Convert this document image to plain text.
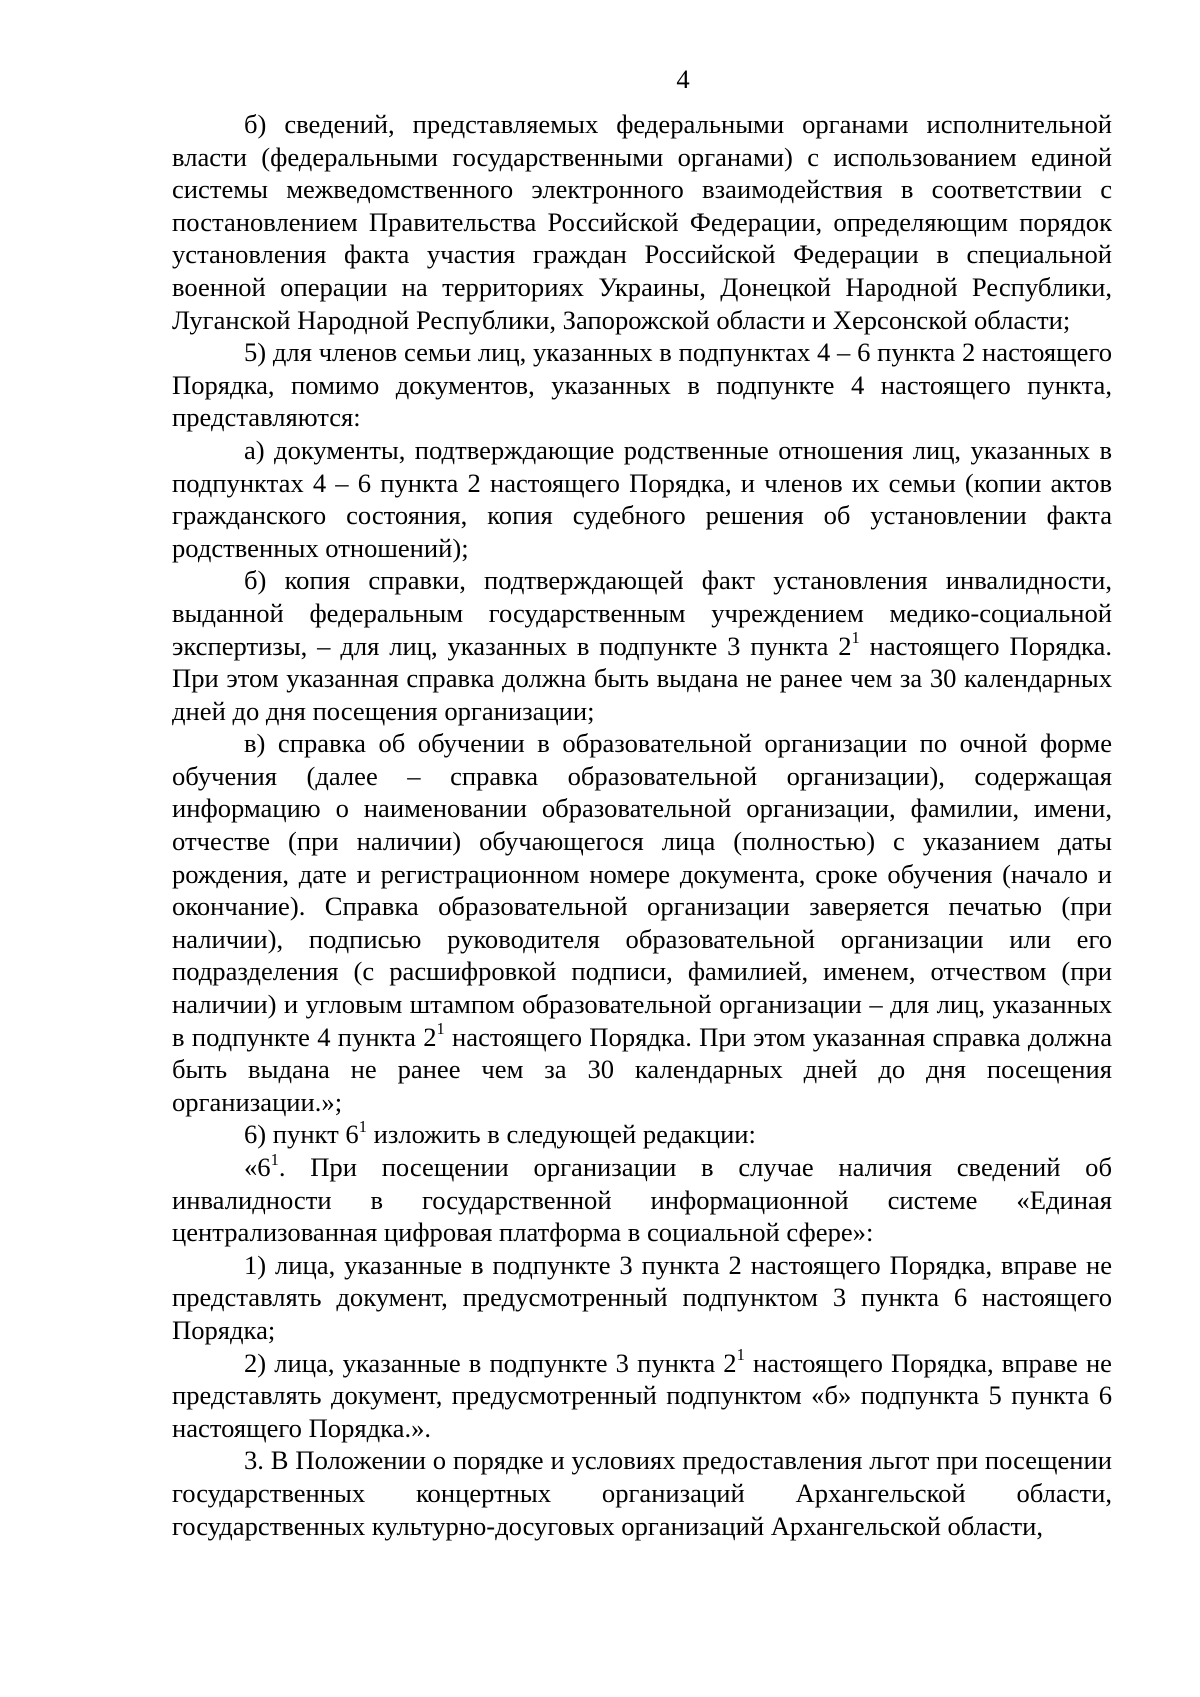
4

б) сведений, представляемых федеральными органами исполнительной власти (федеральными государственными органами) с использованием единой системы межведомственного электронного взаимодействия в соответствии с постановлением Правительства Российской Федерации, определяющим порядок установления факта участия граждан Российской Федерации в специальной военной операции на территориях Украины, Донецкой Народной Республики, Луганской Народной Республики, Запорожской области и Херсонской области;

5) для членов семьи лиц, указанных в подпунктах 4 – 6 пункта 2 настоящего Порядка, помимо документов, указанных в подпункте 4 настоящего пункта, представляются:

а) документы, подтверждающие родственные отношения лиц, указанных в подпунктах 4 – 6 пункта 2 настоящего Порядка, и членов их семьи (копии актов гражданского состояния, копия судебного решения об установлении факта родственных отношений);

б) копия справки, подтверждающей факт установления инвалидности, выданной федеральным государственным учреждением медико-социальной экспертизы, – для лиц, указанных в подпункте 3 пункта $2^1$ настоящего Порядка. При этом указанная справка должна быть выдана не ранее чем за 30 календарных дней до дня посещения организации;

в) справка об обучении в образовательной организации по очной форме обучения (далее – справка образовательной организации), содержащая информацию о наименовании образовательной организации, фамилии, имени, отчестве (при наличии) обучающегося лица (полностью) с указанием даты рождения, дате и регистрационном номере документа, сроке обучения (начало и окончание). Справка образовательной организации заверяется печатью (при наличии), подписью руководителя образовательной организации или его подразделения (с расшифровкой подписи, фамилией, именем, отчеством (при наличии) и угловым штампом образовательной организации – для лиц, указанных в подпункте 4 пункта $2^1$ настоящего Порядка. При этом указанная справка должна быть выдана не ранее чем за 30 календарных дней до дня посещения организации.»;

6) пункт $6^1$ изложить в следующей редакции:

«$6^1$. При посещении организации в случае наличия сведений об инвалидности в государственной информационной системе «Единая централизованная цифровая платформа в социальной сфере»:

1) лица, указанные в подпункте 3 пункта 2 настоящего Порядка, вправе не представлять документ, предусмотренный подпунктом 3 пункта 6 настоящего Порядка;

2) лица, указанные в подпункте 3 пункта $2^1$ настоящего Порядка, вправе не представлять документ, предусмотренный подпунктом «б» подпункта 5 пункта 6 настоящего Порядка.».

3. В Положении о порядке и условиях предоставления льгот при посещении государственных концертных организаций Архангельской области, государственных культурно-досуговых организаций Архангельской области,
